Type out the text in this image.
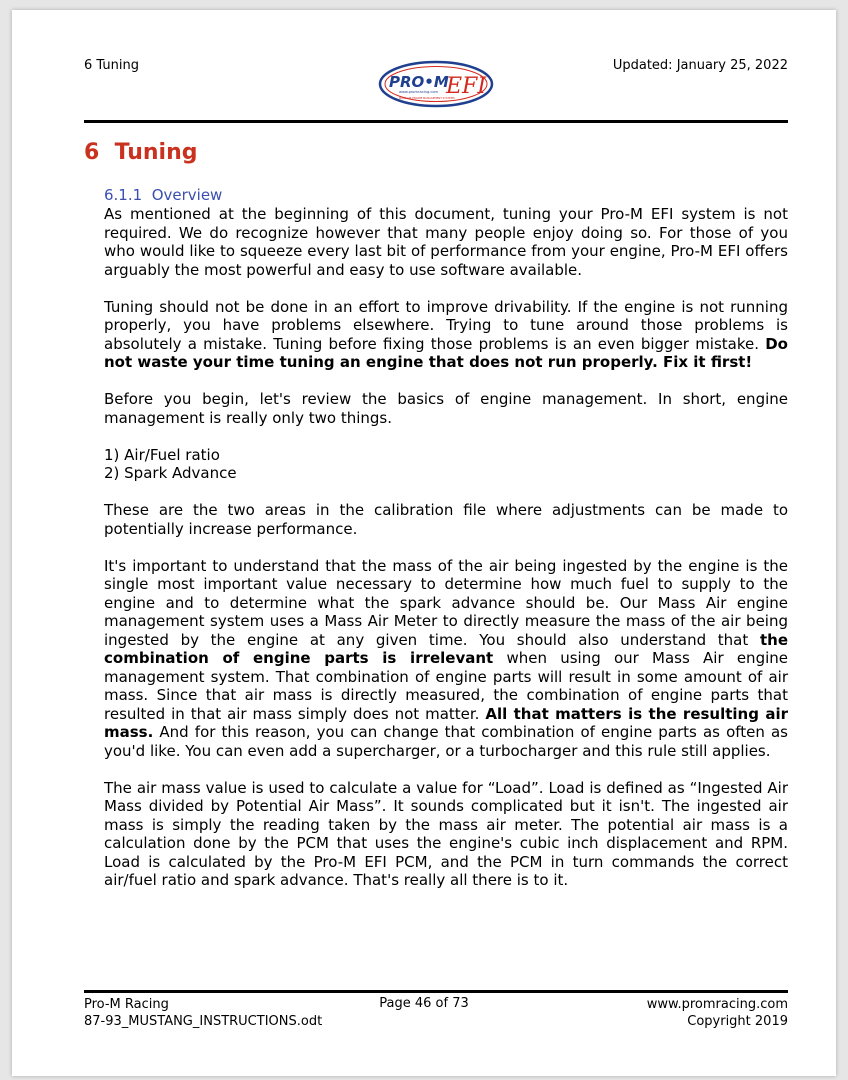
6 Tuning
PRO•M
EFI
www.promracing.com
MASS AIR ENGINE MANAGEMENT SYSTEMS
Updated: January 25, 2022
6  Tuning
6.1.1  Overview

As mentioned at the beginning of this document, tuning your Pro-M EFI system is not required. We do recognize however that many people enjoy doing so. For those of you who would like to squeeze every last bit of performance from your engine, Pro-M EFI offers arguably the most powerful and easy to use software available.

Tuning should not be done in an effort to improve drivability. If the engine is not running properly, you have problems elsewhere. Trying to tune around those problems is absolutely a mistake. Tuning before fixing those problems is an even bigger mistake. Do not waste your time tuning an engine that does not run properly. Fix it first!

Before you begin, let's review the basics of engine management. In short, engine management is really only two things.

1) Air/Fuel ratio
2) Spark Advance

These are the two areas in the calibration file where adjustments can be made to potentially increase performance.

It's important to understand that the mass of the air being ingested by the engine is the single most important value necessary to determine how much fuel to supply to the engine and to determine what the spark advance should be. Our Mass Air engine management system uses a Mass Air Meter to directly measure the mass of the air being ingested by the engine at any given time. You should also understand that the combination of engine parts is irrelevant when using our Mass Air engine management system. That combination of engine parts will result in some amount of air mass. Since that air mass is directly measured, the combination of engine parts that resulted in that air mass simply does not matter. All that matters is the resulting air mass. And for this reason, you can change that combination of engine parts as often as you'd like. You can even add a supercharger, or a turbocharger and this rule still applies.

The air mass value is used to calculate a value for “Load”. Load is defined as “Ingested Air Mass divided by Potential Air Mass”. It sounds complicated but it isn't. The ingested air mass is simply the reading taken by the mass air meter. The potential air mass is a calculation done by the PCM that uses the engine's cubic inch displacement and RPM. Load is calculated by the Pro-M EFI PCM, and the PCM in turn commands the correct air/fuel ratio and spark advance. That's really all there is to it.

Pro-M Racing
87-93_MUSTANG_INSTRUCTIONS.odt
Page 46 of 73	www.promracing.com
Copyright 2019
